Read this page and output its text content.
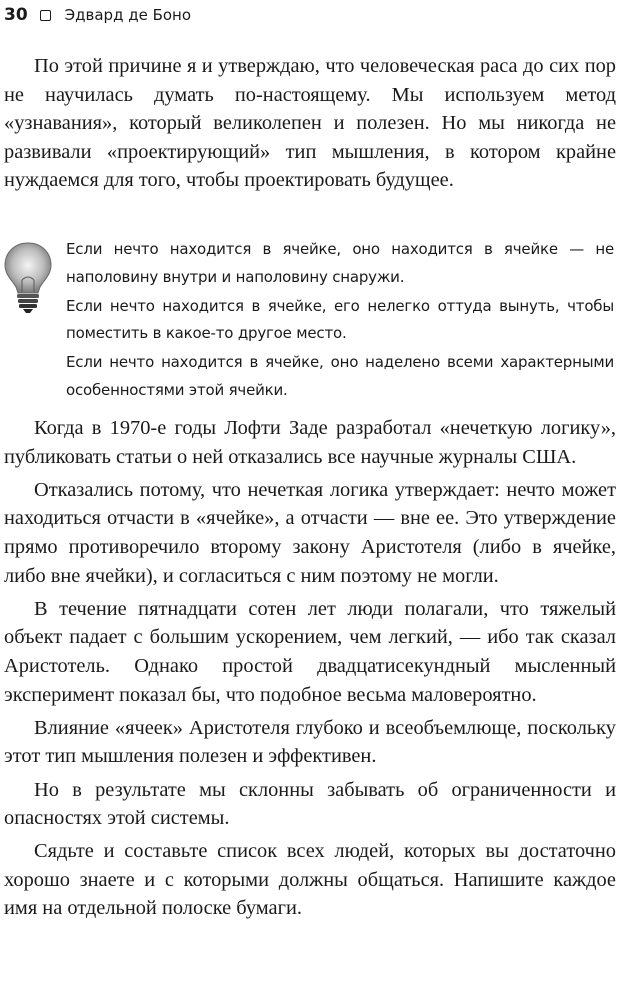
30 Эдвард де Боно

По этой причине я и утверждаю, что человеческая раса до сих пор не научилась думать по-настоящему. Мы используем метод «узнавания», который великолепен и полезен. Но мы никогда не развивали «проектирующий» тип мышления, в котором крайне нуждаемся для того, чтобы проектировать будущее.

Если нечто находится в ячейке, оно находится в ячейке — не наполовину внутри и наполовину снаружи.

Если нечто находится в ячейке, его нелегко оттуда вынуть, чтобы поместить в какое-то другое место.

Если нечто находится в ячейке, оно наделено всеми характерными особенностями этой ячейки.

Когда в 1970-е годы Лофти Заде разработал «нечеткую логику», публиковать статьи о ней отказались все научные журналы США.

Отказались потому, что нечеткая логика утверждает: нечто может находиться отчасти в «ячейке», а отчасти — вне ее. Это утверждение прямо противоречило второму закону Аристотеля (либо в ячейке, либо вне ячейки), и согласиться с ним поэтому не могли.

В течение пятнадцати сотен лет люди полагали, что тяжелый объект падает с большим ускорением, чем легкий, — ибо так сказал Аристотель. Однако простой двадцатисекундный мысленный эксперимент показал бы, что подобное весьма маловероятно.

Влияние «ячеек» Аристотеля глубоко и всеобъемлюще, поскольку этот тип мышления полезен и эффективен.

Но в результате мы склонны забывать об ограниченности и опасностях этой системы.

Сядьте и составьте список всех людей, которых вы достаточно хорошо знаете и с которыми должны общаться. Напишите каждое имя на отдельной полоске бумаги.
